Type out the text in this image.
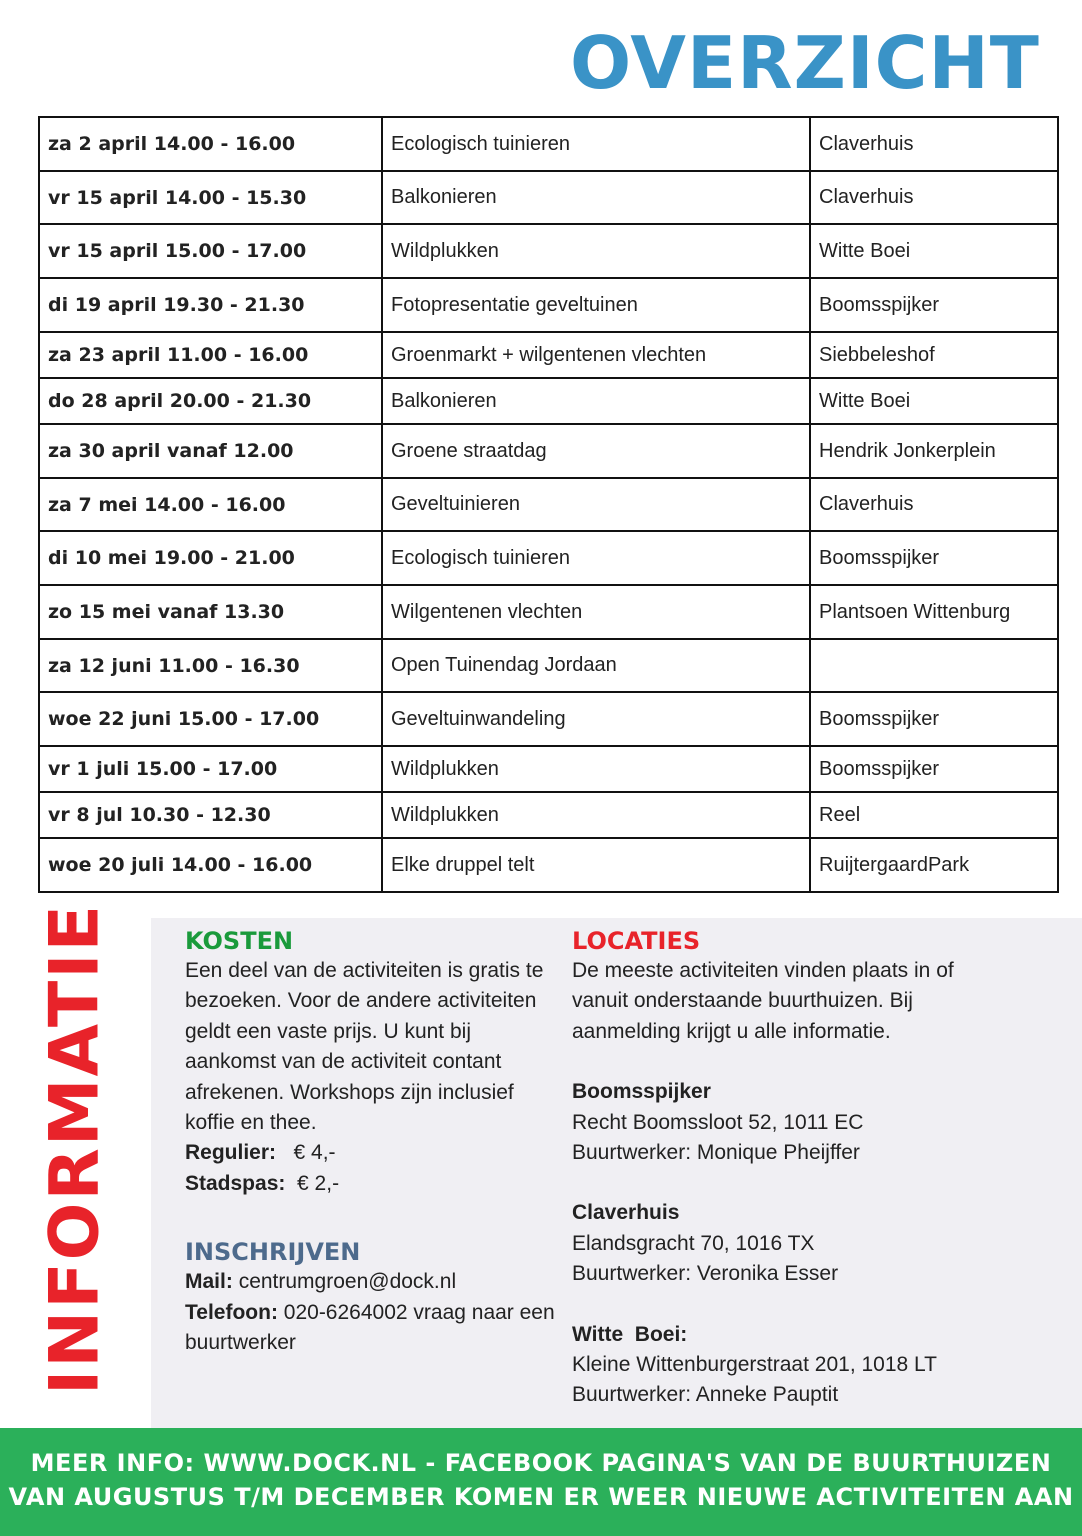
OVERZICHT
za 2 april 14.00 - 16.00	Ecologisch tuinieren	Claverhuis
vr 15 april 14.00 - 15.30	Balkonieren	Claverhuis
vr 15 april 15.00 - 17.00	Wildplukken	Witte Boei
di 19 april 19.30 - 21.30	Fotopresentatie geveltuinen	Boomsspijker
za 23 april 11.00 - 16.00	Groenmarkt + wilgentenen vlechten	Siebbeleshof
do 28 april 20.00 - 21.30	Balkonieren	Witte Boei
za 30 april vanaf 12.00	Groene straatdag	Hendrik Jonkerplein
za 7 mei 14.00 - 16.00	Geveltuinieren	Claverhuis
di 10 mei 19.00 - 21.00	Ecologisch tuinieren	Boomsspijker
zo 15 mei vanaf 13.30	Wilgentenen vlechten	Plantsoen Wittenburg
za 12 juni 11.00 - 16.30	Open Tuinendag Jordaan	
woe 22 juni 15.00 - 17.00	Geveltuinwandeling	Boomsspijker
vr 1 juli 15.00 - 17.00	Wildplukken	Boomsspijker
vr 8 jul 10.30 - 12.30	Wildplukken	Reel
woe 20 juli 14.00 - 16.00	Elke druppel telt	RuijtergaardPark
INFORMATIE	KOSTEN
Een deel van de activiteiten is gratis te bezoeken. Voor de andere activiteiten geldt een vaste prijs. U kunt bij aankomst van de activiteit contant afrekenen. Workshops zijn inclusief koffie en thee.
Regulier: € 4,-
Stadspas: € 2,-
INSCHRIJVEN
Mail: centrumgroen@dock.nl
Telefoon: 020-6264002 vraag naar een buurtwerker
LOCATIES
De meeste activiteiten vinden plaats in of vanuit onderstaande buurthuizen. Bij aanmelding krijgt u alle informatie.
Boomsspijker
Recht Boomssloot 52, 1011 EC
Buurtwerker: Monique Pheijffer
Claverhuis
Elandsgracht 70, 1016 TX
Buurtwerker: Veronika Esser
Witte  Boei:
Kleine Wittenburgerstraat 201, 1018 LT
Buurtwerker: Anneke Pauptit
MEER INFO: WWW.DOCK.NL - FACEBOOK PAGINA'S VAN DE BUURTHUIZEN
VAN AUGUSTUS T/M DECEMBER KOMEN ER WEER NIEUWE ACTIVITEITEN AAN
